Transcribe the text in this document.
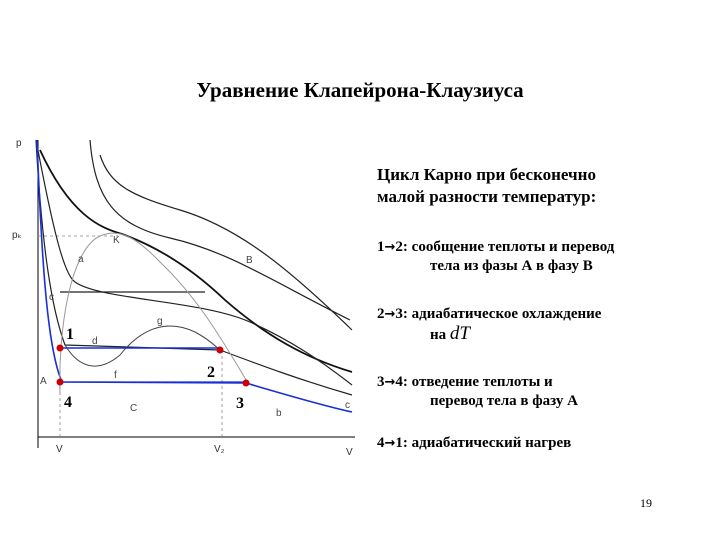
Уравнение Клапейрона-Клаузиуса
p
V
pₖ
V	V₂
1
2
3
4
K
a	B
c
g
d
f
A
C	b
c
Цикл Карно при бесконечно
малой разности температур:
1→2: сообщение теплоты и перевод
тела из фазы А в фазу В
2→3: адиабатическое охлаждение
на dT
3→4: отведение теплоты и
перевод тела в фазу А
4→1: адиабатический нагрев
19
